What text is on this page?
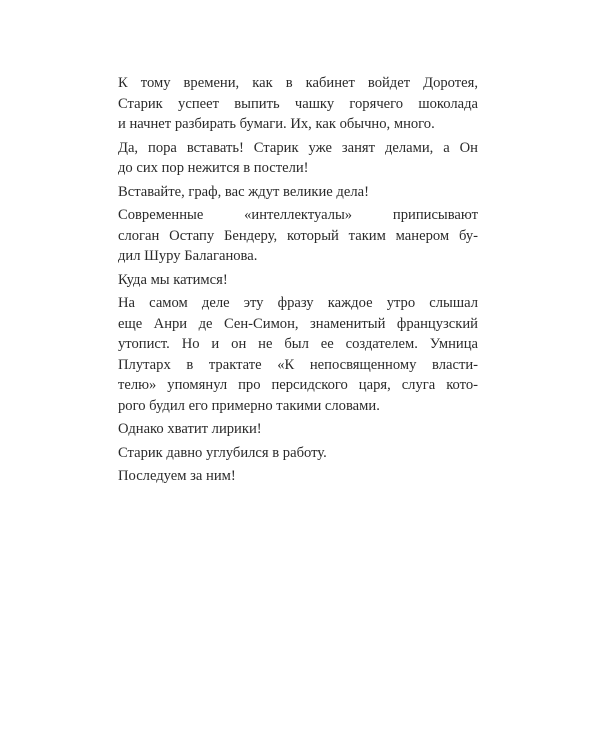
К тому времени, как в кабинет войдет Доротея,
Старик успеет выпить чашку горячего шоколада
и начнет разбирать бумаги. Их, как обычно, много.
Да, пора вставать! Старик уже занят делами, а Он
до сих пор нежится в постели!
Вставайте, граф, вас ждут великие дела!
Современные «интеллектуалы» приписывают
слоган Остапу Бендеру, который таким манером бу-
дил Шуру Балаганова.
Куда мы катимся!
На самом деле эту фразу каждое утро слышал
еще Анри де Сен-Симон, знаменитый французский
утопист. Но и он не был ее создателем. Умница
Плутарх в трактате «К непосвященному власти-
телю» упомянул про персидского царя, слуга кото-
рого будил его примерно такими словами.
Однако хватит лирики!
Старик давно углубился в работу.
Последуем за ним!
